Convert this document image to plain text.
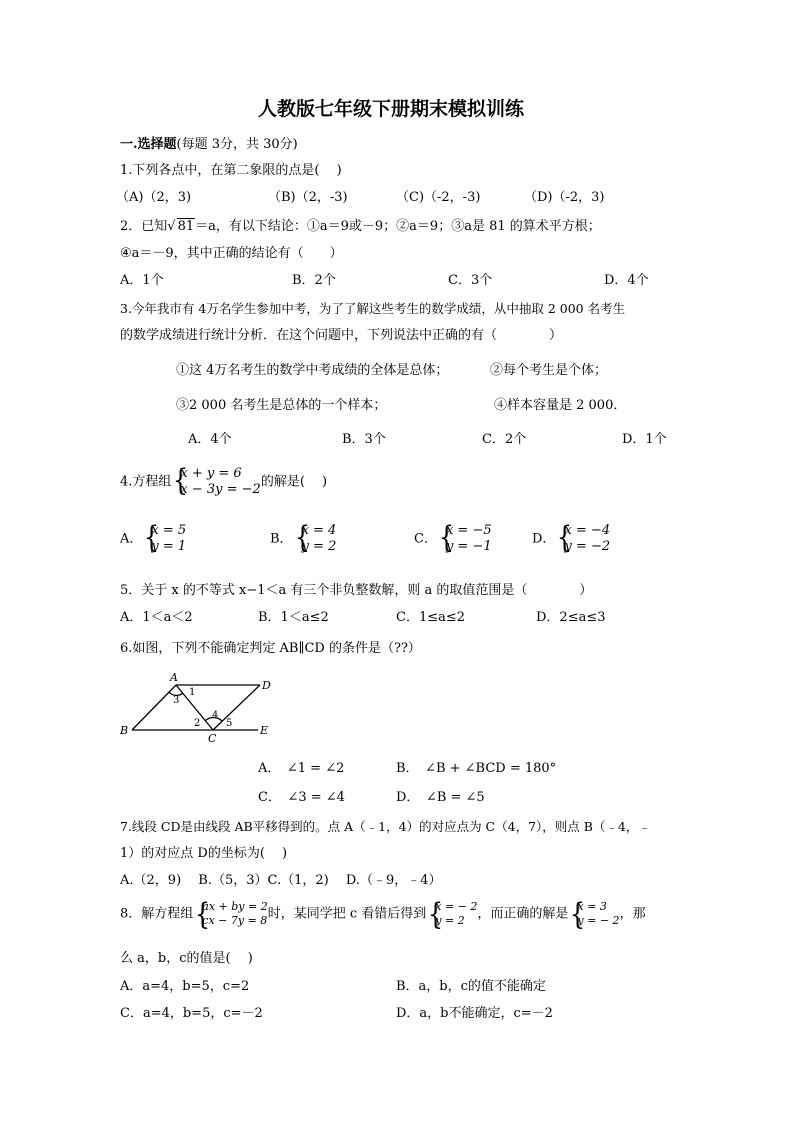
人教版七年级下册期末模拟训练
一.选择题(每题 3分，共 30分)
1.下列各点中，在第二象限的点是(　 )
（A)（2，3)	（B)（2，-3)	（C)（-2，-3)	（D)（-2，3)
2．已知√ 81＝a，有以下结论：①a＝9或－9；②a＝9；③a是 81 的算术平方根；
④a＝－9，其中正确的结论有（　　）
A．1个	B．2个	C．3个	D．4个
3.今年我市有 4万名学生参加中考，为了了解这些考生的数学成绩，从中抽取 2 000 名考生
的数学成绩进行统计分析．在这个问题中，下列说法中正确的有（　　　　）
①这 4万名考生的数学中考成绩的全体是总体；	②每个考生是个体；
③2 000 名考生是总体的一个样本；	④样本容量是 2 000．
A．4个	B．3个	C．2个	D．1个
4.方程组 {
x + y = 6
x − 3y = −2 的解是(　 )
A． {
x = 5
y = 1	B． {
x = 4
y = 2	C． {
x = −5
y = −1	D． {
x = −4
y = −2
5．关于 x 的不等式 x−1＜a 有三个非负整数解，则 a 的取值范围是（　　　　）
A．1＜a＜2	B．1＜a≤2	C．1≤a≤2	D．2≤a≤3
6.如图，下列不能确定判定 AB∥CD 的条件是（??）
A
D
B
C
E
1
3
2
4
5
A．　∠1 = ∠2	B．　∠B + ∠BCD = 180°
C．　∠3 = ∠4	D．　∠B = ∠5
7.线段 CD是由线段 AB平移得到的。点 A（﹣1，4）的对应点为 C（4，7），则点 B（﹣4，﹣
1）的对应点 D的坐标为(　 )
A.（2，9)　 B.（5，3）C.（1，2)　 D.（﹣9，﹣4）
8．解方程组 {
ax + by = 2
cx − 7y = 8 时，某同学把 c 看错后得到 {
x = − 2
y = 2 ，而正确的解是 {
x = 3
y = − 2 ，那
么 a，b，c的值是(　 )
A．a=4，b=5，c=2	B．a，b，c的值不能确定
C．a=4，b=5，c=－2	D．a，b不能确定，c=－2
